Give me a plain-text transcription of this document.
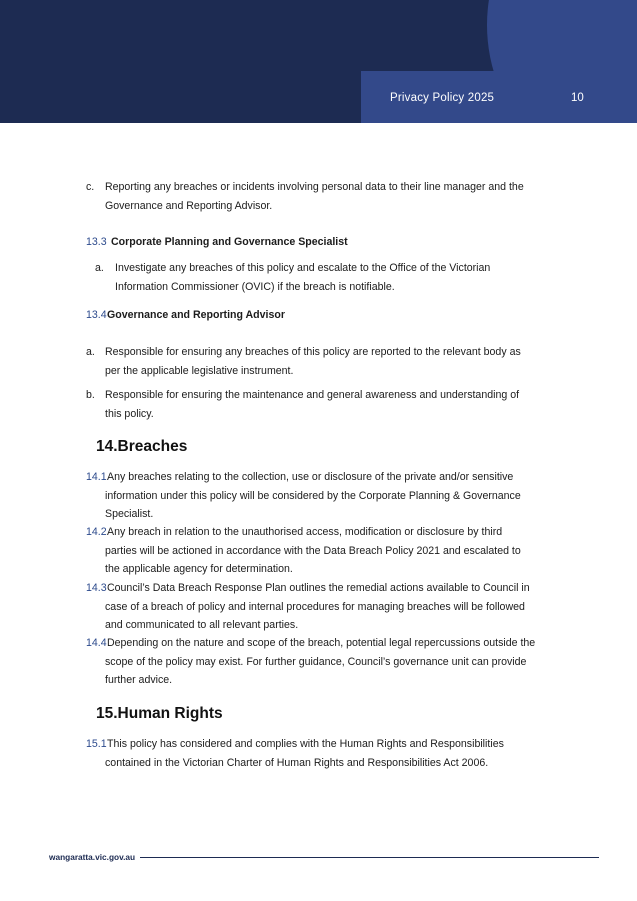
Privacy Policy 2025	10
c. Reporting any breaches or incidents involving personal data to their line manager and the
Governance and Reporting Advisor.

13.3 Corporate Planning and Governance Specialist
a. Investigate any breaches of this policy and escalate to the Office of the Victorian
Information Commissioner (OVIC) if the breach is notifiable.

13.4 Governance and Reporting Advisor
a. Responsible for ensuring any breaches of this policy are reported to the relevant body as
per the applicable legislative instrument.

b. Responsible for ensuring the maintenance and general awareness and understanding of
this policy.

14.Breaches
14.1 Any breaches relating to the collection, use or disclosure of the private and/or sensitive
information under this policy will be considered by the Corporate Planning & Governance
Specialist.

14.2 Any breach in relation to the unauthorised access, modification or disclosure by third
parties will be actioned in accordance with the Data Breach Policy 2021 and escalated to
the applicable agency for determination.

14.3 Council’s Data Breach Response Plan outlines the remedial actions available to Council in
case of a breach of policy and internal procedures for managing breaches will be followed
and communicated to all relevant parties.

14.4 Depending on the nature and scope of the breach, potential legal repercussions outside the
scope of the policy may exist. For further guidance, Council’s governance unit can provide
further advice.

15.Human Rights
15.1 This policy has considered and complies with the Human Rights and Responsibilities
contained in the Victorian Charter of Human Rights and Responsibilities Act 2006.

wangaratta.vic.gov.au
